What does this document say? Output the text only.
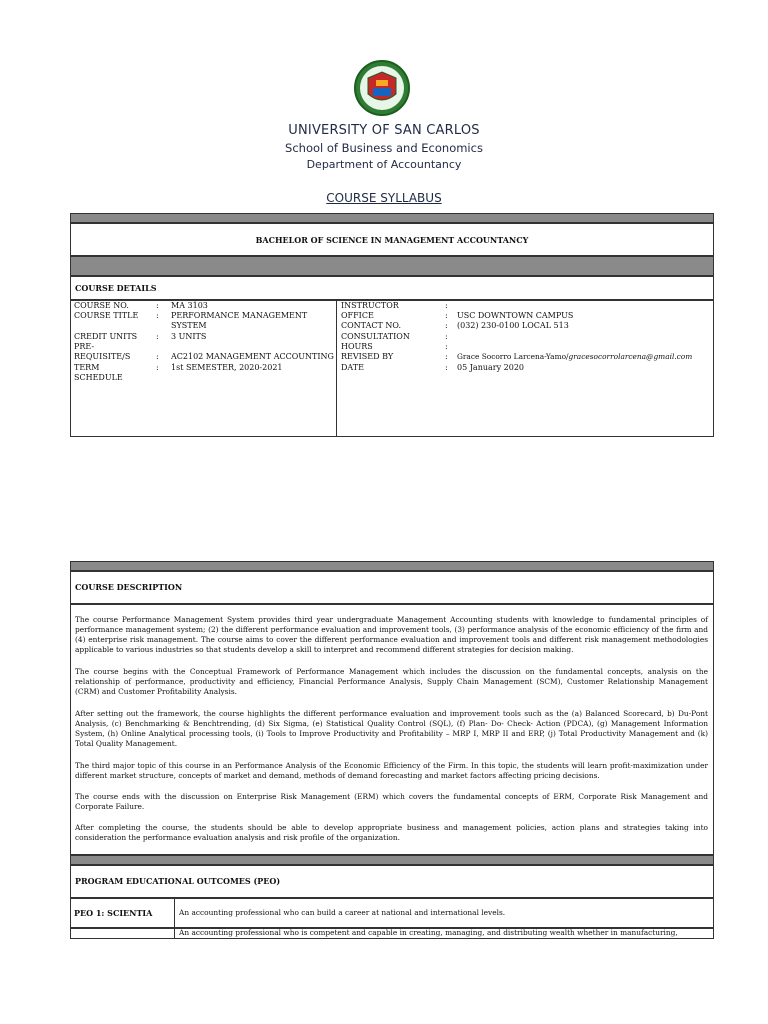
UNIVERSITY OF SAN CARLOS
School of Business and Economics
Department of Accountancy
COURSE SYLLABUS
BACHELOR OF SCIENCE IN MANAGEMENT ACCOUNTANCY
COURSE DETAILS
COURSE NO.	: MA 3103
COURSE TITLE : PERFORMANCE MANAGEMENT
SYSTEM
CREDIT UNITS : 3 UNITS
PRE-
REQUISITE/S	: AC2102 MANAGEMENT ACCOUNTING
TERM	: 1st SEMESTER, 2020-2021
SCHEDULE
INSTRUCTOR	:
OFFICE	: USC DOWNTOWN CAMPUS
CONTACT NO.	: (032) 230-0100 LOCAL 513
CONSULTATION	:
HOURS	:
REVISED BY	: Grace Socorro Larcena-Yamo/gracesocorrolarcena@gmail.com
DATE	: 05 January 2020
COURSE DESCRIPTION
The course Performance Management System provides third year undergraduate Management Accounting students with knowledge to fundamental principles of performance management system; (2) the different performance evaluation and improvement tools, (3) performance analysis of the economic efficiency of the firm and (4) enterprise risk management. The course aims to cover the different performance evaluation and improvement tools and different risk management methodologies applicable to various industries so that students develop a skill to interpret and recommend different strategies for decision making.
The course begins with the Conceptual Framework of Performance Management which includes the discussion on the fundamental concepts, analysis on the relationship of performance, productivity and efficiency, Financial Performance Analysis, Supply Chain Management (SCM), Customer Relationship Management (CRM) and Customer Profitability Analysis.
After setting out the framework, the course highlights the different performance evaluation and improvement tools such as the (a) Balanced Scorecard, b) Du-Pont Analysis, (c) Benchmarking & Benchtrending, (d) Six Sigma, (e) Statistical Quality Control (SQL), (f) Plan- Do- Check- Action (PDCA), (g) Management Information System, (h) Online Analytical processing tools, (i) Tools to Improve Productivity and Profitability – MRP I, MRP II and ERP, (j) Total Productivity Management and (k) Total Quality Management.
The third major topic of this course in an Performance Analysis of the Economic Efficiency of the Firm. In this topic, the students will learn profit-maximization under different market structure, concepts of market and demand, methods of demand forecasting and market factors affecting pricing decisions.
The course ends with the discussion on Enterprise Risk Management (ERM) which covers the fundamental concepts of ERM, Corporate Risk Management and Corporate Failure.
After completing the course, the students should be able to develop appropriate business and management policies, action plans and strategies taking into consideration the performance evaluation analysis and risk profile of the organization.
PROGRAM EDUCATIONAL OUTCOMES (PEO)
PEO 1: SCIENTIA	An accounting professional who can build a career at national and international levels.
An accounting professional who is competent and capable in creating, managing, and distributing wealth whether in manufacturing,
